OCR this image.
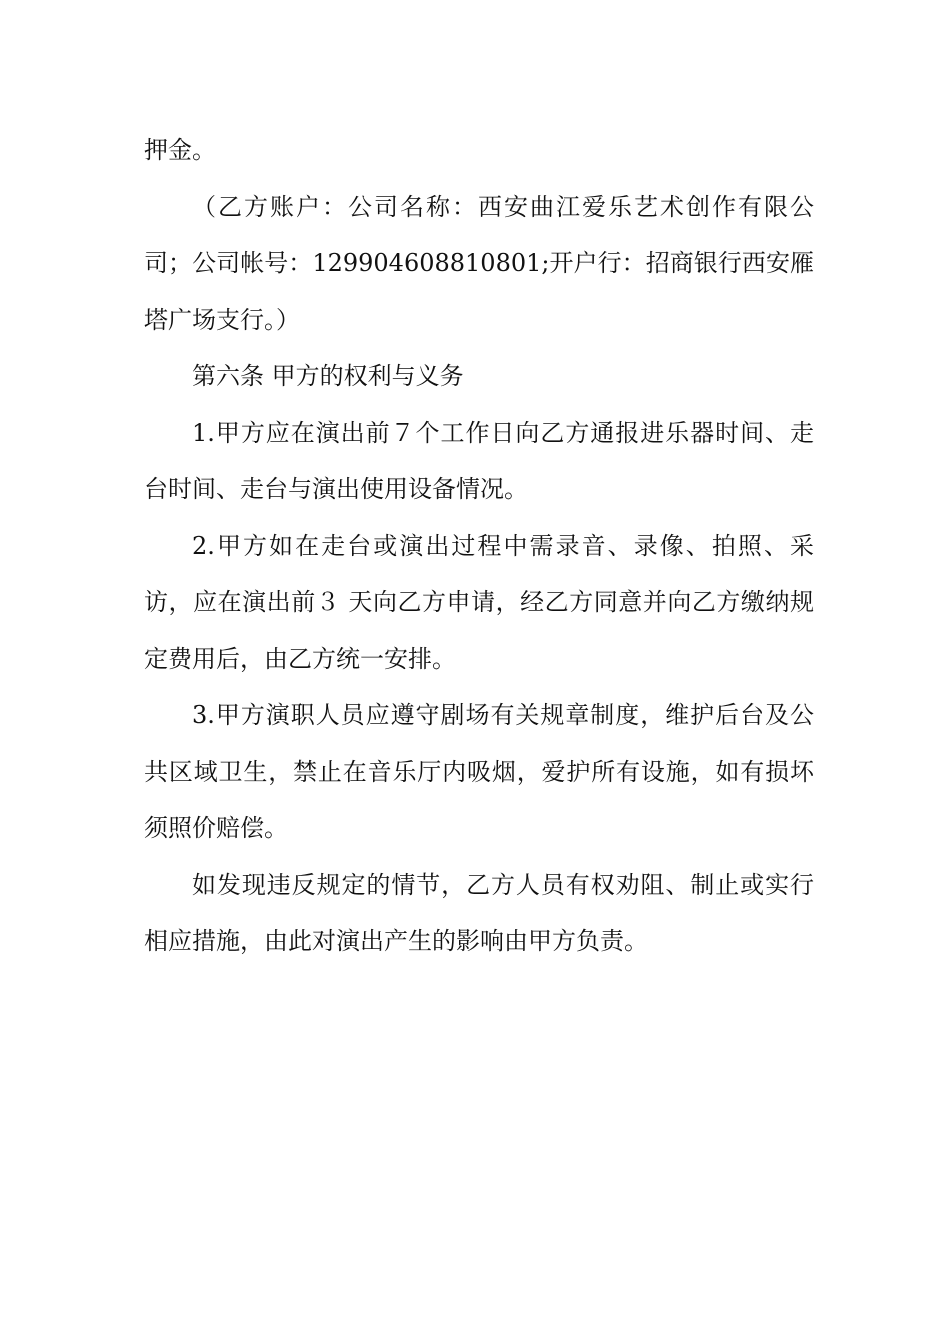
押金。

（乙方账户：公司名称：西安曲江爱乐艺术创作有限公司；公司帐号：129904608810801;开户行：招商银行西安雁塔广场支行。）

第六条 甲方的权利与义务

1.甲方应在演出前７个工作日向乙方通报进乐器时间、走台时间、走台与演出使用设备情况。

2.甲方如在走台或演出过程中需录音、录像、拍照、采访，应在演出前３ 天向乙方申请，经乙方同意并向乙方缴纳规定费用后，由乙方统一安排。

3.甲方演职人员应遵守剧场有关规章制度，维护后台及公共区域卫生，禁止在音乐厅内吸烟，爱护所有设施，如有损坏须照价赔偿。

如发现违反规定的情节，乙方人员有权劝阻、制止或实行相应措施，由此对演出产生的影响由甲方负责。
